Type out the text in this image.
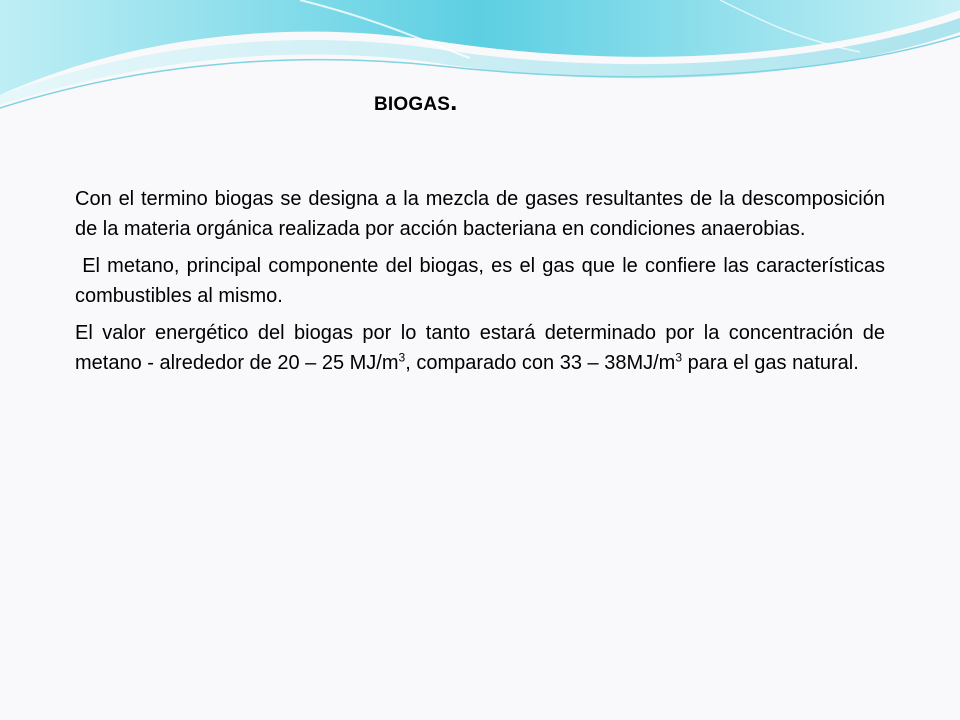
BIOGAS.

Con el termino biogas se designa a la mezcla de gases resultantes de la descomposición de la materia orgánica realizada por acción bacteriana en condiciones anaerobias.

El metano, principal componente del biogas, es el gas que le confiere las características combustibles al mismo.

El valor energético del biogas por lo tanto estará determinado por la concentración de metano - alrededor de 20 – 25 $MJ/m^3$, comparado con $33 - 38MJ/m^3$ para el gas natural.
